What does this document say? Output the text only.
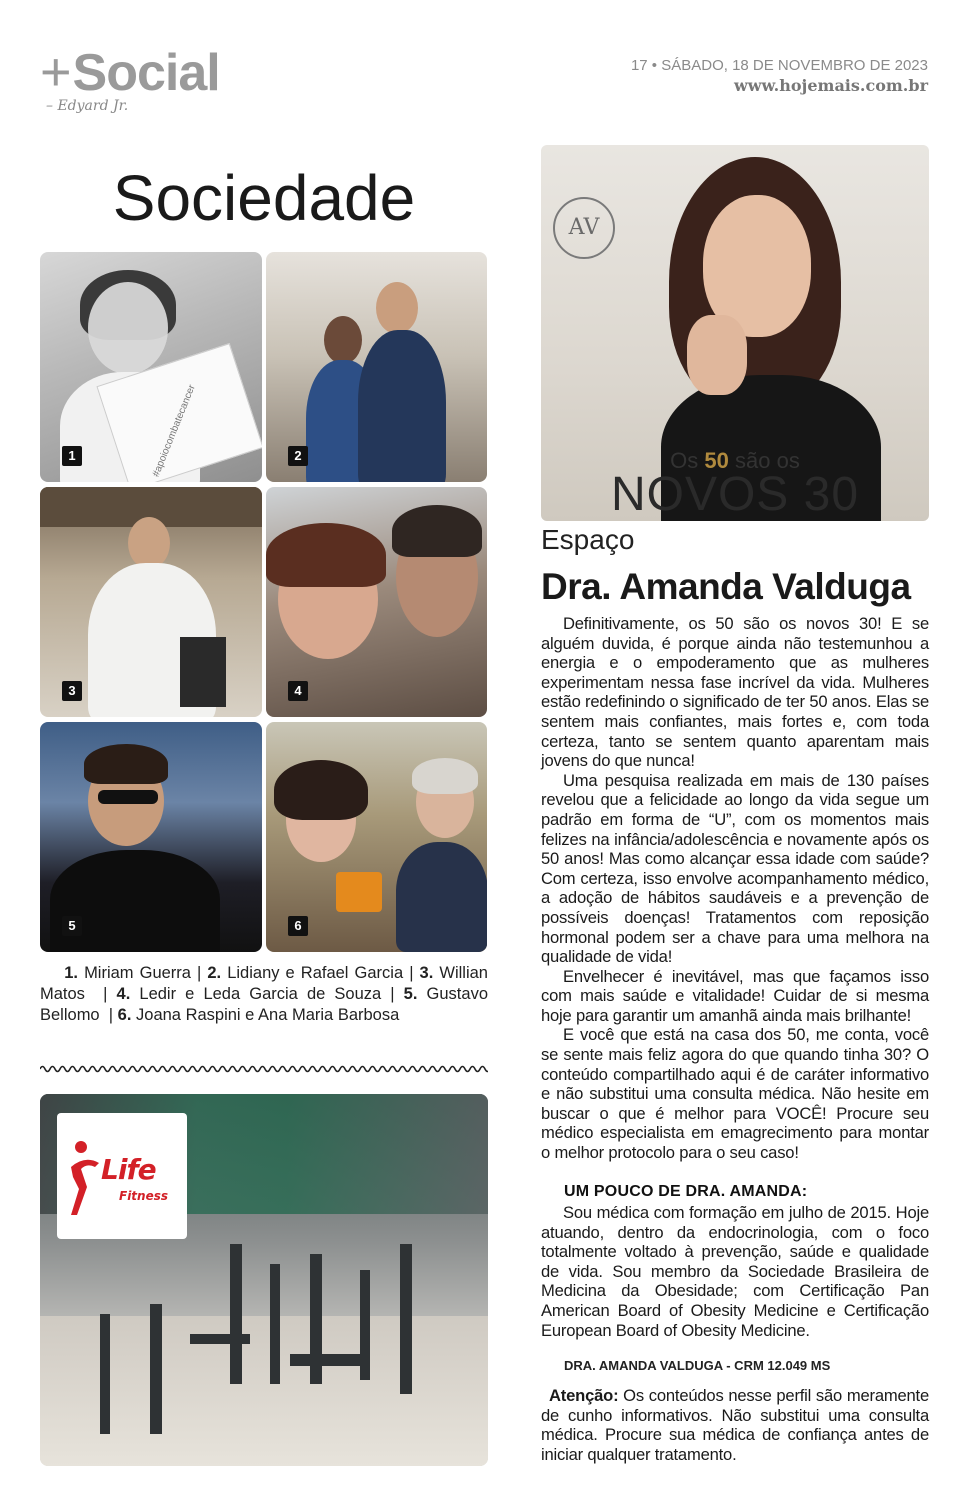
+Social
– Edyard Jr.
17 • SÁBADO, 18 DE NOVEMBRO DE 2023
www.hojemais.com.br
Sociedade
#apoiocombatecancer
1	2
3	4
5	6
1. Miriam Guerra | 2. Lidiany e Rafael Garcia | 3. Willian Matos  | 4. Ledir e Leda Garcia de Souza | 5. Gustavo Bellomo  | 6. Joana Raspini e Ana Maria Barbosa
Life
Fitness
AV
Os 50 são os
NOVOS 30
Espaço
Dra. Amanda Valduga

Definitivamente, os 50 são os novos 30! E se alguém duvida, é porque ainda não testemunhou a energia e o empoderamento que as mulheres experimentam nessa fase incrível da vida. Mulheres estão redefinindo o significado de ter 50 anos. Elas se sentem mais confiantes, mais fortes e, com toda certeza, tanto se sentem quanto aparentam mais jovens do que nunca!

Uma pesquisa realizada em mais de 130 países revelou que a felicidade ao longo da vida segue um padrão em forma de “U”, com os momentos mais felizes na infância/adolescência e novamente após os 50 anos! Mas como alcançar essa idade com saúde? Com certeza, isso envolve acompanhamento médico, a adoção de hábitos saudáveis e a prevenção de possíveis doenças! Tratamentos com reposição hormonal podem ser a chave para uma melhora na qualidade de vida!

Envelhecer é inevitável, mas que façamos isso com mais saúde e vitalidade! Cuidar de si mesma hoje para garantir um amanhã ainda mais brilhante!

E você que está na casa dos 50, me conta, você se sente mais feliz agora do que quando tinha 30? O conteúdo compartilhado aqui é de caráter informativo e não substitui uma consulta médica. Não hesite em buscar o que é melhor para VOCÊ! Procure seu médico especialista em emagrecimento para montar o melhor protocolo para o seu caso!

UM POUCO DE DRA. AMANDA:
Sou médica com formação em julho de 2015. Hoje atuando, dentro da endocrinologia, com o foco totalmente voltado à prevenção, saúde e qualidade de vida. Sou membro da Sociedade Brasileira de Medicina da Obesidade; com Certificação Pan American Board of Obesity Medicine e Certificação European Board of Obesity Medicine.
DRA. AMANDA VALDUGA - CRM 12.049 MS
Atenção: Os conteúdos nesse perfil são meramente de cunho informativos. Não substitui uma consulta médica. Procure sua médica de confiança antes de iniciar qualquer tratamento.
